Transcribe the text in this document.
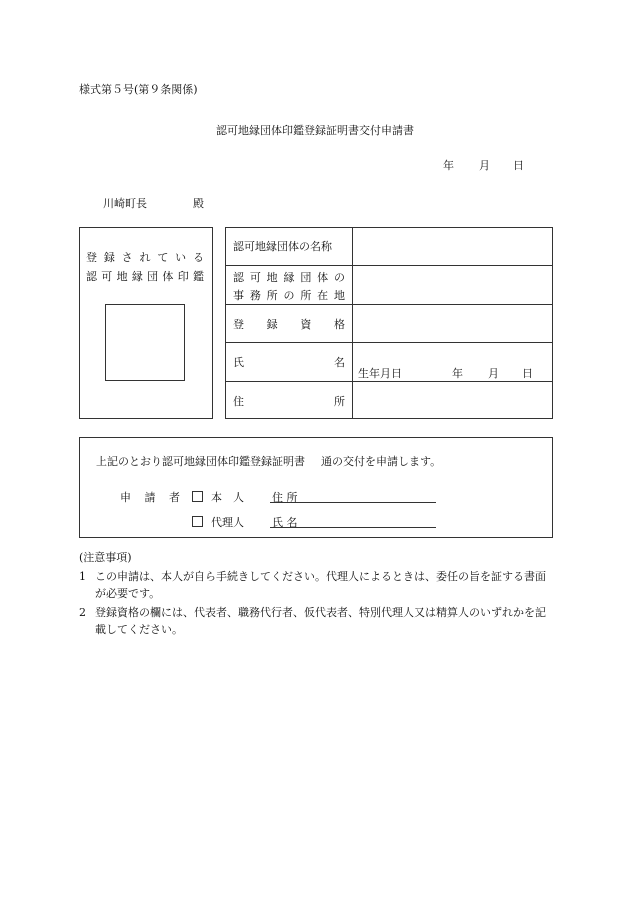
様式第５号(第９条関係)
認可地縁団体印鑑登録証明書交付申請書
年 月 日
川崎町長	殿
登 録 さ れ て い る
認 可 地 縁 団 体 印 鑑
認可地縁団体の名称
認 可 地 縁 団 体 の
事 務 所 の 所 在 地
登 録 資 格
氏	名
生年月日	年 月 日
住	所
上記のとおり認可地縁団体印鑑登録証明書 通の交付を申請します。
申 請 者	本　人
代理人
住 所
氏 名
(注意事項)
1 この申請は、本人が自ら手続きしてください。代理人によるときは、委任の旨を証する書面が必要です。
2 登録資格の欄には、代表者、職務代行者、仮代表者、特別代理人又は精算人のいずれかを記載してください。
